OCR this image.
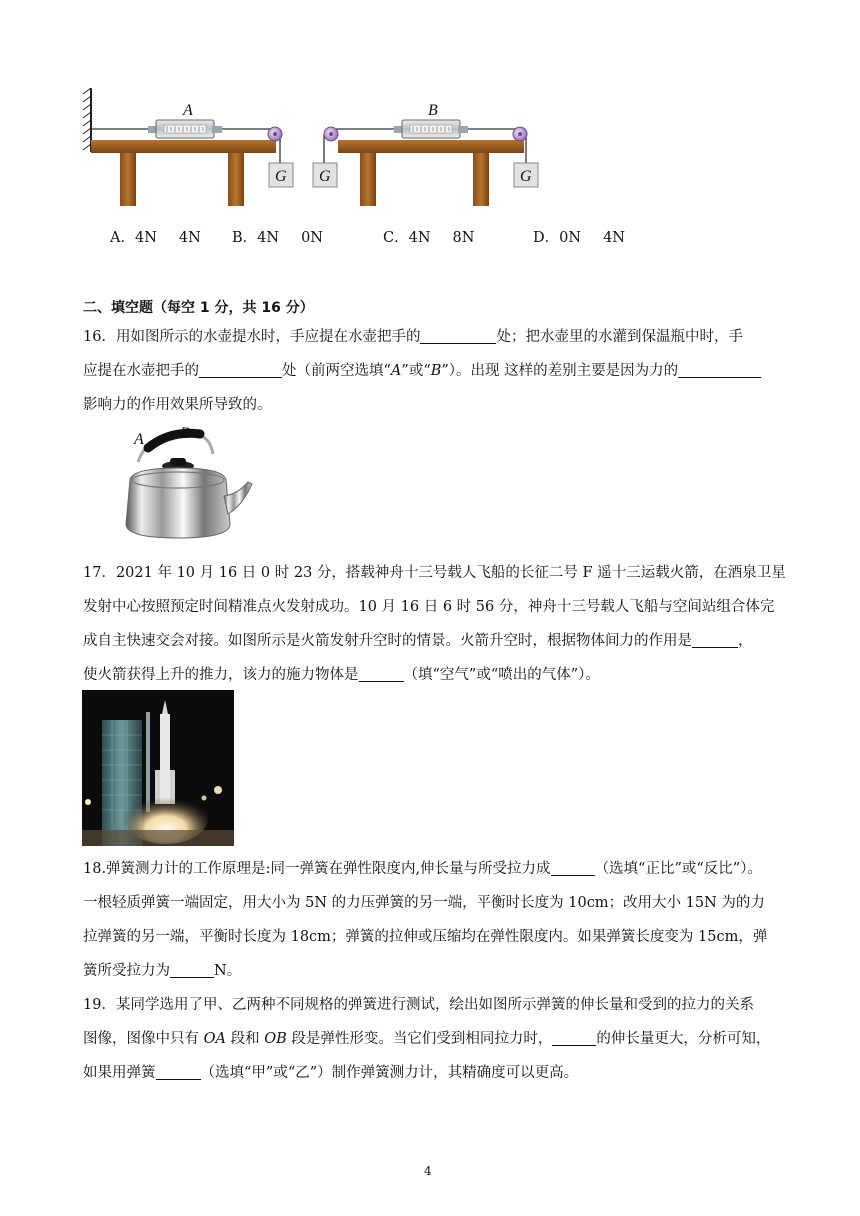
A
G
B
G	G
A．4N 4N B．4N 0N	C．4N 8N	D．0N 4N
二、填空题（每空 1 分，共 16 分）
16．用如图所示的水壶提水时，手应提在水壶把手的	处；把水壶里的水灌到保温瓶中时，手
应提在水壶把手的	处（前两空选填“A”或“B”）。出现 这样的差别主要是因为力的
影响力的作用效果所导致的。
A B
17．2021 年 10 月 16 日 0 时 23 分，搭载神舟十三号载人飞船的长征二号 F 遥十三运载火箭，在酒泉卫星
发射中心按照预定时间精准点火发射成功。10 月 16 日 6 时 56 分，神舟十三号载人飞船与空间站组合体完
成自主快速交会对接。如图所示是火箭发射升空时的情景。火箭升空时，根据物体间力的作用是	，
使火箭获得上升的推力，该力的施力物体是	（填“空气”或“喷出的气体”）。
18.弹簧测力计的工作原理是:同一弹簧在弹性限度内,伸长量与所受拉力成	（选填“正比”或“反比”）。
一根轻质弹簧一端固定，用大小为 5N 的力压弹簧的另一端，平衡时长度为 10cm；改用大小 15N 为的力
拉弹簧的另一端，平衡时长度为 18cm；弹簧的拉伸或压缩均在弹性限度内。如果弹簧长度变为 15cm，弹
簧所受拉力为	N。
19．某同学选用了甲、乙两种不同规格的弹簧进行测试，绘出如图所示弹簧的伸长量和受到的拉力的关系
图像，图像中只有 OA 段和 OB 段是弹性形变。当它们受到相同拉力时，	的伸长量更大，分析可知，
如果用弹簧	（选填“甲”或“乙”）制作弹簧测力计，其精确度可以更高。
4
